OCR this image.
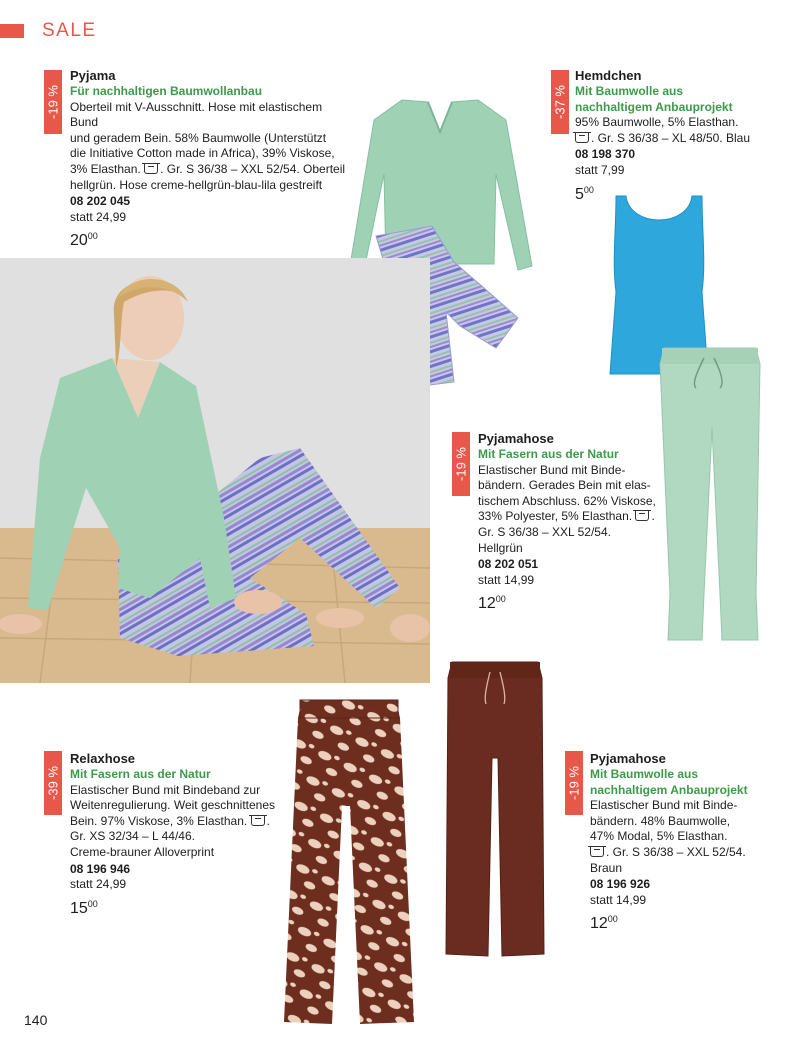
SALE
-19 %
Pyjama
Für nachhaltigen Baumwollanbau
Oberteil mit V-Ausschnitt. Hose mit elastischem Bund
und geradem Bein. 58% Baumwolle (Unterstützt
die Initiative Cotton made in Africa), 39% Viskose,
3% Elasthan. . Gr. S 36/38 – XXL 52/54. Oberteil
hellgrün. Hose creme-hellgrün-blau-lila gestreift
08 202 045
statt 24,99
$20^{00}$
-37 %
Hemdchen
Mit Baumwolle aus
nachhaltigem Anbauprojekt
95% Baumwolle, 5% Elasthan.
. Gr. S 36/38 – XL 48/50. Blau
08 198 370
statt 7,99
$5^{00}$
-19 %
Pyjamahose
Mit Fasern aus der Natur
Elastischer Bund mit Binde-
bändern. Gerades Bein mit elas-
tischem Abschluss. 62% Viskose,
33% Polyester, 5% Elasthan. .
Gr. S 36/38 – XXL 52/54.
Hellgrün
08 202 051
statt 14,99
$12^{00}$
-39 %
Relaxhose
Mit Fasern aus der Natur
Elastischer Bund mit Bindeband zur
Weitenregulierung. Weit geschnittenes
Bein. 97% Viskose, 3% Elasthan. .
Gr. XS 32/34 – L 44/46.
Creme-brauner Alloverprint
08 196 946
statt 24,99
$15^{00}$
-19 %
Pyjamahose
Mit Baumwolle aus
nachhaltigem Anbauprojekt
Elastischer Bund mit Binde-
bändern. 48% Baumwolle,
47% Modal, 5% Elasthan.
. Gr. S 36/38 – XXL 52/54.
Braun
08 196 926
statt 14,99
$12^{00}$
140
